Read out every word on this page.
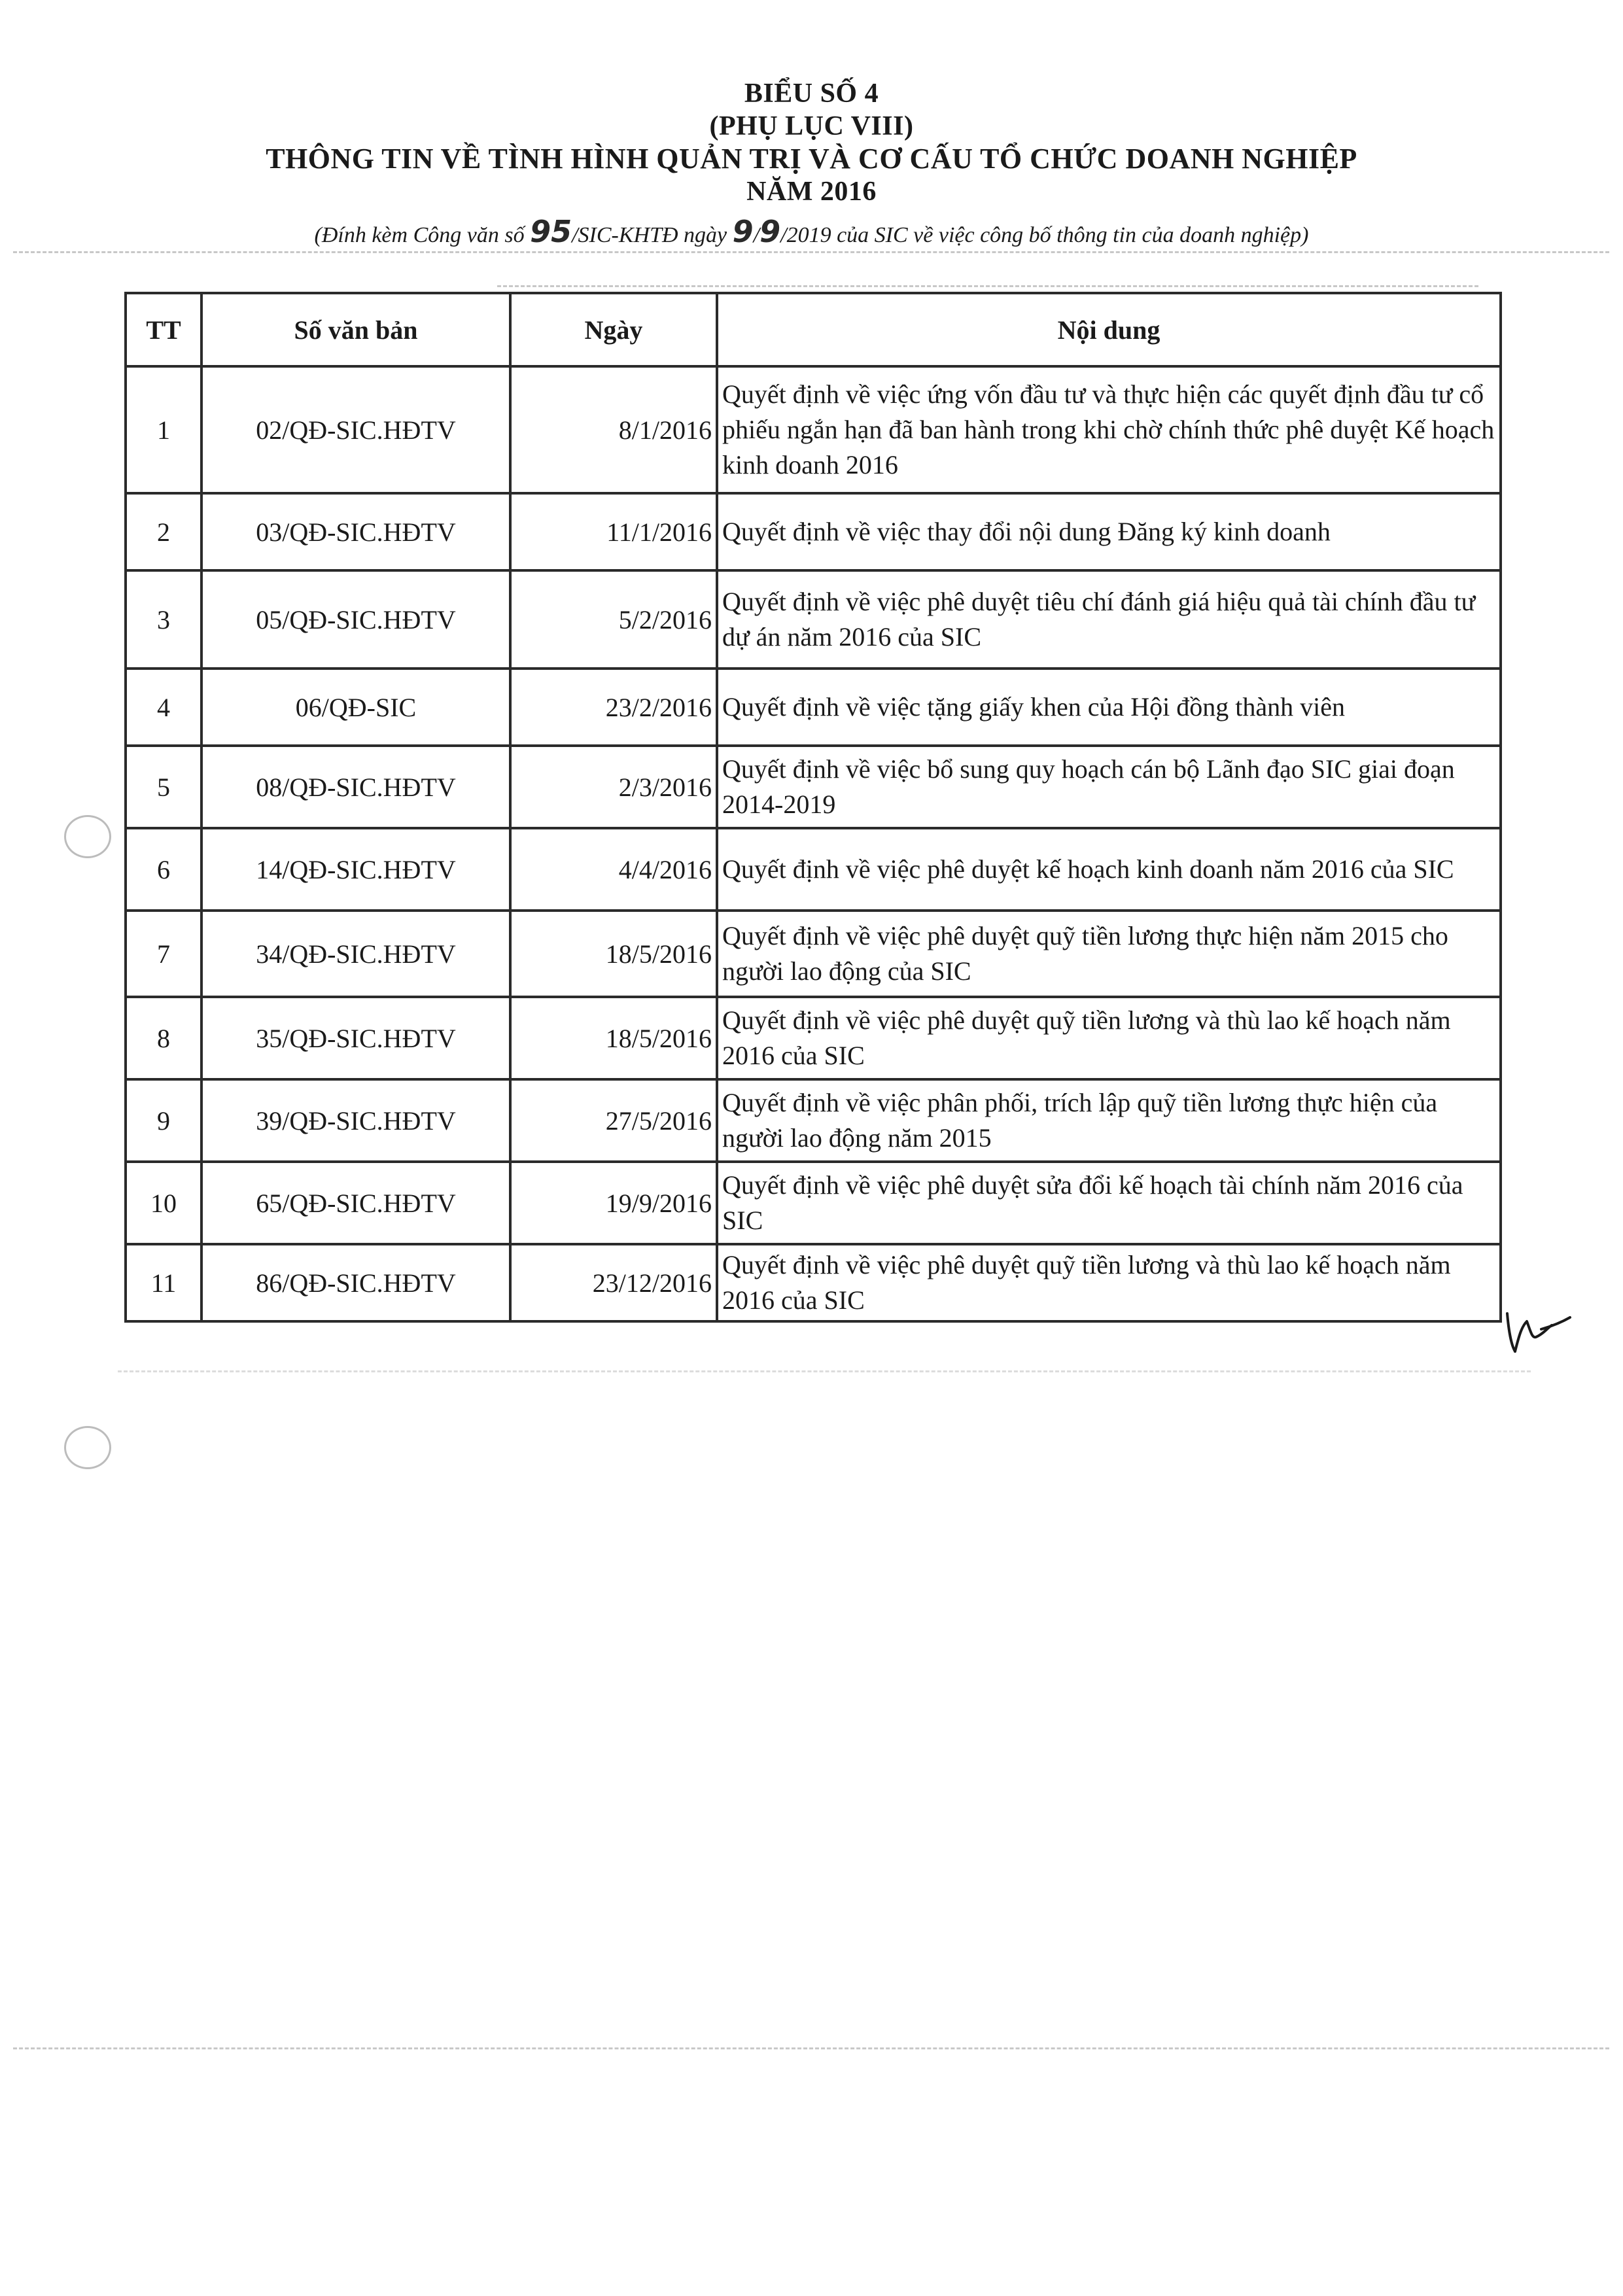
BIỂU SỐ 4
(PHỤ LỤC VIII)
THÔNG TIN VỀ TÌNH HÌNH QUẢN TRỊ VÀ CƠ CẤU TỔ CHỨC DOANH NGHIỆP
NĂM 2016
(Đính kèm Công văn số 95/SIC-KHTĐ ngày 9/9/2019 của SIC về việc công bố thông tin của doanh nghiệp)
TT	Số văn bản	Ngày	Nội dung
1	02/QĐ-SIC.HĐTV	8/1/2016	Quyết định về việc ứng vốn đầu tư và thực hiện các quyết định đầu tư cổ phiếu ngắn hạn đã ban hành trong khi chờ chính thức phê duyệt Kế hoạch kinh doanh 2016
2	03/QĐ-SIC.HĐTV	11/1/2016	Quyết định về việc thay đổi nội dung Đăng ký kinh doanh
3	05/QĐ-SIC.HĐTV	5/2/2016	Quyết định về việc phê duyệt tiêu chí đánh giá hiệu quả tài chính đầu tư dự án năm 2016 của SIC
4	06/QĐ-SIC	23/2/2016	Quyết định về việc tặng giấy khen của Hội đồng thành viên
5	08/QĐ-SIC.HĐTV	2/3/2016	Quyết định về việc bổ sung quy hoạch cán bộ Lãnh đạo SIC giai đoạn 2014-2019
6	14/QĐ-SIC.HĐTV	4/4/2016	Quyết định về việc phê duyệt kế hoạch kinh doanh năm 2016 của SIC
7	34/QĐ-SIC.HĐTV	18/5/2016	Quyết định về việc phê duyệt quỹ tiền lương thực hiện năm 2015 cho người lao động của SIC
8	35/QĐ-SIC.HĐTV	18/5/2016	Quyết định về việc phê duyệt quỹ tiền lương và thù lao kế hoạch năm 2016 của SIC
9	39/QĐ-SIC.HĐTV	27/5/2016	Quyết định về việc phân phối, trích lập quỹ tiền lương thực hiện của người lao động năm 2015
10	65/QĐ-SIC.HĐTV	19/9/2016	Quyết định về việc phê duyệt sửa đổi kế hoạch tài chính năm 2016 của SIC
11	86/QĐ-SIC.HĐTV	23/12/2016	Quyết định về việc phê duyệt quỹ tiền lương và thù lao kế hoạch năm 2016 của SIC
